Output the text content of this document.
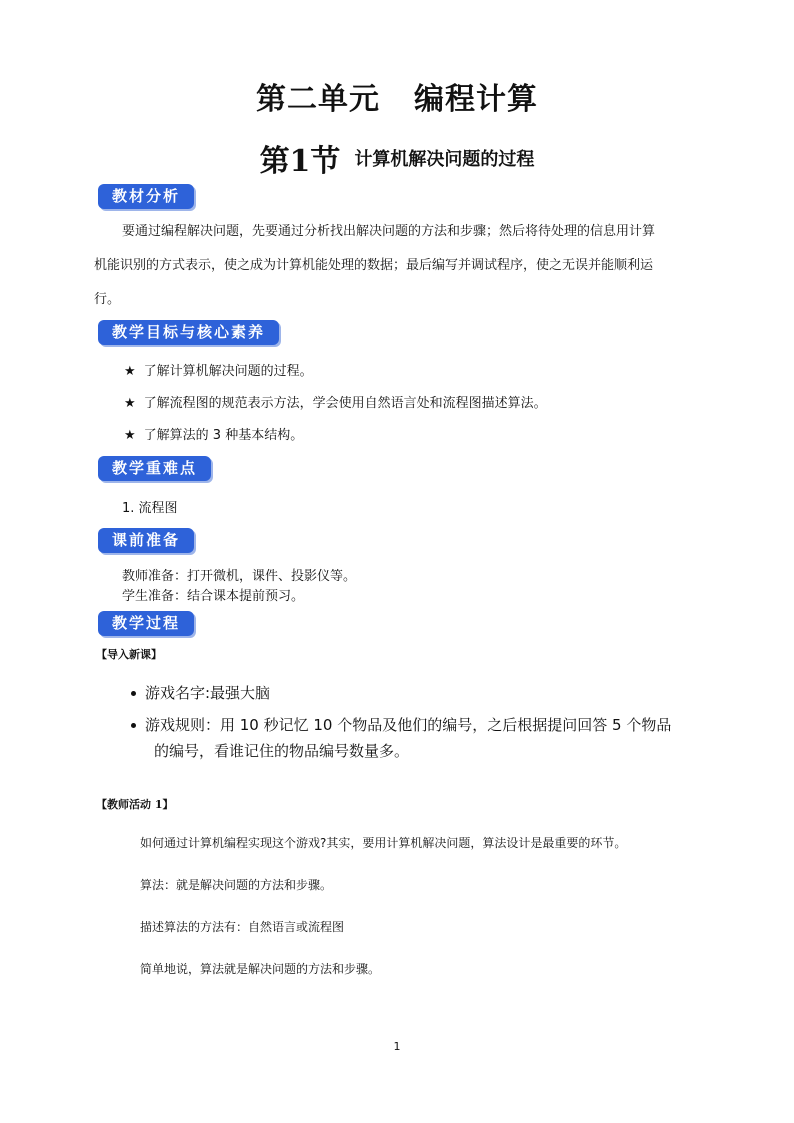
第二单元 编程计算
第1节 计算机解决问题的过程
教材分析
要通过编程解决问题，先要通过分析找出解决问题的方法和步骤；然后将待处理的信息用计算
机能识别的方式表示，使之成为计算机能处理的数据；最后编写并调试程序，使之无误并能顺利运
行。
教学目标与核心素养
★ 了解计算机解决问题的过程。
★ 了解流程图的规范表示方法，学会使用自然语言处和流程图描述算法。
★ 了解算法的 3 种基本结构。
教学重难点
1. 流程图
课前准备
教师准备：打开微机，课件、投影仪等。
学生准备：结合课本提前预习。
教学过程
【导入新课】
游戏名字:最强大脑
游戏规则：用 10 秒记忆 10 个物品及他们的编号，之后根据提问回答 5 个物品
的编号，看谁记住的物品编号数量多。
【教师活动 1】
如何通过计算机编程实现这个游戏?其实，要用计算机解决问题，算法设计是最重要的环节。
算法：就是解决问题的方法和步骤。
描述算法的方法有：自然语言或流程图
简单地说，算法就是解决问题的方法和步骤。
1
